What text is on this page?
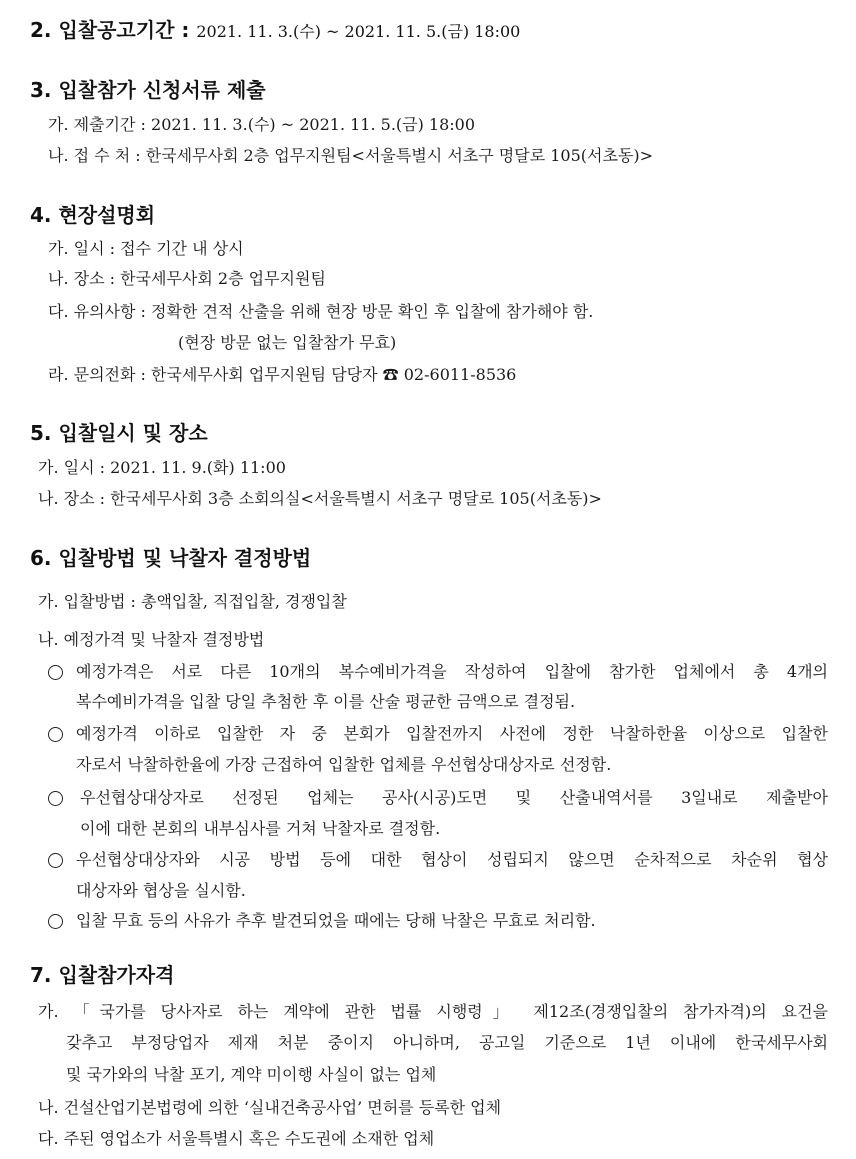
2. 입찰공고기간 : 2021. 11. 3.(수) ~ 2021. 11. 5.(금) 18:00
3. 입찰참가 신청서류 제출
가. 제출기간 : 2021. 11. 3.(수) ~ 2021. 11. 5.(금) 18:00
나. 접 수 처 : 한국세무사회 2층 업무지원팀<서울특별시 서초구 명달로 105(서초동)>
4. 현장설명회
가. 일시 : 접수 기간 내 상시
나. 장소 : 한국세무사회 2층 업무지원팀
다. 유의사항 : 정확한 견적 산출을 위해 현장 방문 확인 후 입찰에 참가해야 함.
(현장 방문 없는 입찰참가 무효)
라. 문의전화 : 한국세무사회 업무지원팀 담당자 ☎ 02-6011-8536
5. 입찰일시 및 장소
가. 일시 : 2021. 11. 9.(화) 11:00
나. 장소 : 한국세무사회 3층 소회의실<서울특별시 서초구 명달로 105(서초동)>
6. 입찰방법 및 낙찰자 결정방법
가. 입찰방법 : 총액입찰, 직접입찰, 경쟁입찰
나. 예정가격 및 낙찰자 결정방법
예정가격은 서로 다른 10개의 복수예비가격을 작성하여 입찰에 참가한 업체에서 총 4개의
복수예비가격을 입찰 당일 추첨한 후 이를 산술 평균한 금액으로 결정됨.
예정가격 이하로 입찰한 자 중 본회가 입찰전까지 사전에 정한 낙찰하한율 이상으로 입찰한
자로서 낙찰하한율에 가장 근접하여 입찰한 업체를 우선협상대상자로 선정함.
우선협상대상자로 선정된 업체는 공사(시공)도면 및 산출내역서를 3일내로 제출받아
이에 대한 본회의 내부심사를 거쳐 낙찰자로 결정함.
우선협상대상자와 시공 방법 등에 대한 협상이 성립되지 않으면 순차적으로 차순위 협상
대상자와 협상을 실시함.
입찰 무효 등의 사유가 추후 발견되었을 때에는 당해 낙찰은 무효로 처리함.
7. 입찰참가자격
가. 「국가를 당사자로 하는 계약에 관한 법률 시행령」 제12조(경쟁입찰의 참가자격)의 요건을
갖추고 부정당업자 제재 처분 중이지 아니하며, 공고일 기준으로 1년 이내에 한국세무사회
및 국가와의 낙찰 포기, 계약 미이행 사실이 없는 업체
나. 건설산업기본법령에 의한 ‘실내건축공사업’ 면허를 등록한 업체
다. 주된 영업소가 서울특별시 혹은 수도권에 소재한 업체
